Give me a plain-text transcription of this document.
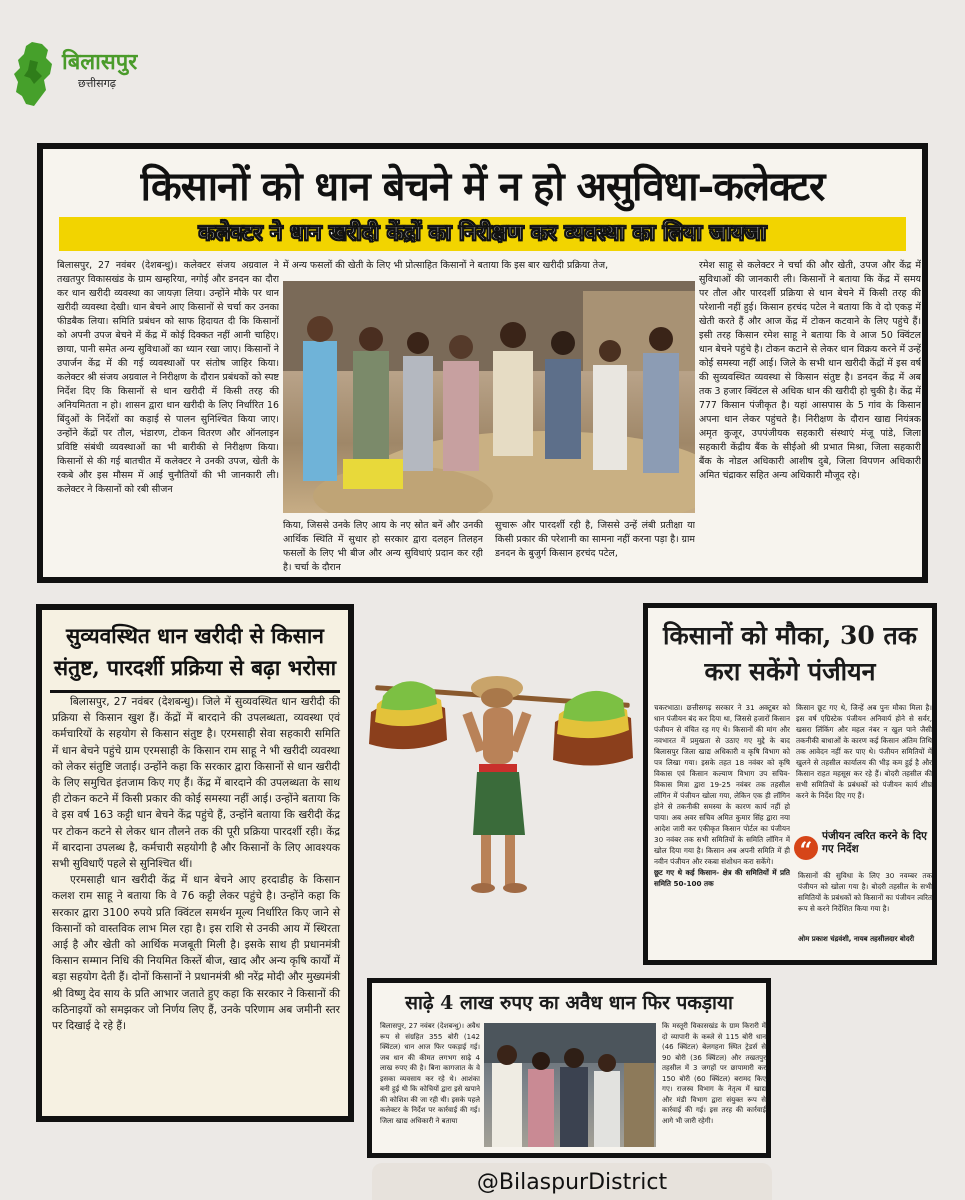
बिलासपुर
छत्तीसगढ़
किसानों को धान बेचने में न हो असुविधा-कलेक्टर
कलेक्टर ने धान खरीदी केंद्रों का निरीक्षण कर व्यवस्था का लिया जायजा
बिलासपुर, 27 नवंबर (देशबन्धु)। कलेक्टर संजय अग्रवाल ने तखतपुर विकासखंड के ग्राम खम्हरिया, नगोई और डनदन का दौरा कर धान खरीदी व्यवस्था का जायज़ा लिया। उन्होंने मौके पर धान खरीदी व्यवस्था देखी। धान बेचने आए किसानों से चर्चा कर उनका फीडबैक लिया। समिति प्रबंधन को साफ हिदायत दी कि किसानों को अपनी उपज बेचने में केंद्र में कोई दिक्कत नहीं आनी चाहिए। छाया, पानी समेत अन्य सुविधाओं का ध्यान रखा जाए। किसानों ने उपार्जन केंद्र में की गई व्यवस्थाओं पर संतोष जाहिर किया। कलेक्टर श्री संजय अग्रवाल ने निरीक्षण के दौरान प्रबंधकों को स्पष्ट निर्देश दिए कि किसानों से धान खरीदी में किसी तरह की अनियमितता न हो। शासन द्वारा धान खरीदी के लिए निर्धारित 16 बिंदुओं के निर्देशों का कड़ाई से पालन सुनिश्चित किया जाए। उन्होंने केंद्रों पर तौल, भंडारण, टोकन वितरण और ऑनलाइन प्रविष्टि संबंधी व्यवस्थाओं का भी बारीकी से निरीक्षण किया। किसानों से की गई बातचीत में कलेक्टर ने उनकी उपज, खेती के रकबे और इस मौसम में आई चुनौतियों की भी जानकारी ली। कलेक्टर ने किसानों को रबी सीजन
में अन्य फसलों की खेती के लिए भी प्रोत्साहित किसानों ने बताया कि इस बार खरीदी प्रक्रिया तेज,
किया, जिससे उनके लिए आय के नए स्रोत बनें और उनकी आर्थिक स्थिति में सुधार हो सरकार द्वारा दलहन तिलहन फसलों के लिए भी बीज और अन्य सुविधाएं प्रदान कर रही है। चर्चा के दौरान
सुचारू और पारदर्शी रही है, जिससे उन्हें लंबी प्रतीक्षा या किसी प्रकार की परेशानी का सामना नहीं करना पड़ा है। ग्राम डनदन के बुजुर्ग किसान हरचंद पटेल,
रमेश साहू से कलेक्टर ने चर्चा की और खेती, उपज और केंद्र में सुविधाओं की जानकारी ली। किसानों ने बताया कि केंद्र में समय पर तौल और पारदर्शी प्रक्रिया से धान बेचने में किसी तरह की परेशानी नहीं हुई। किसान हरचंद पटेल ने बताया कि वे दो एकड़ में खेती करते हैं और आज केंद्र में टोकन कटवाने के लिए पहुंचे हैं। इसी तरह किसान रमेश साहू ने बताया कि वे आज 50 क्विंटल धान बेचने पहुंचे है। टोकन कटाने से लेकर धान विक्रय करने में उन्हें कोई समस्या नहीं आई। जिले के सभी धान खरीदी केंद्रों में इस वर्ष की सुव्यवस्थित व्यवस्था से किसान संतुष्ट है। डनदन केंद्र में अब तक 3 हजार क्विंटल से अधिक धान की खरीदी हो चुकी है। केंद्र में 777 किसान पंजीकृत है। यहां आसपास के 5 गांव के किसान अपना धान लेकर पहुंचते है। निरीक्षण के दौरान खाद्य नियंत्रक अमृत कुजूर, उपपंजीयक सहकारी संस्थाएं मंजू पांडे, जिला सहकारी केंद्रीय बैंक के सीईओ श्री प्रभात मिश्रा, जिला सहकारी बैंक के नोडल अधिकारी आशीष दुबे, जिला विपणन अधिकारी अमित चंद्राकर सहित अन्य अधिकारी मौजूद रहे।
सुव्यवस्थित धान खरीदी से किसान संतुष्ट, पारदर्शी प्रक्रिया से बढ़ा भरोसा

बिलासपुर, 27 नवंबर (देशबन्धु)। जिले में सुव्यवस्थित धान खरीदी की प्रक्रिया से किसान खुश हैं। केंद्रों में बारदाने की उपलब्धता, व्यवस्था एवं कर्मचारियों के सहयोग से किसान संतुष्ट है। एरमसाही सेवा सहकारी समिति में धान बेचने पहुंचे ग्राम एरमसाही के किसान राम साहू ने भी खरीदी व्यवस्था को लेकर संतुष्टि जताई। उन्होंने कहा कि सरकार द्वारा किसानों से धान खरीदी के लिए समुचित इंतजाम किए गए हैं। केंद्र में बारदाने की उपलब्धता के साथ ही टोकन कटने में किसी प्रकार की कोई समस्या नहीं आई। उन्होंने बताया कि वे इस वर्ष 163 कट्टी धान बेचने केंद्र पहुंचे हैं, उन्होंने बताया कि खरीदी केंद्र पर टोकन कटने से लेकर धान तौलने तक की पूरी प्रक्रिया पारदर्शी रही। केंद्र में बारदाना उपलब्ध है, कर्मचारी सहयोगी है और किसानों के लिए आवश्यक सभी सुविधाएँ पहले से सुनिश्चित थीं।

एरमसाही धान खरीदी केंद्र में धान बेचने आए हरदाडीह के किसान कलश राम साहू ने बताया कि वे 76 कट्टी लेकर पहुंचे है। उन्होंने कहा कि सरकार द्वारा 3100 रुपये प्रति क्विंटल समर्थन मूल्य निर्धारित किए जाने से किसानों को वास्तविक लाभ मिल रहा है। इस राशि से उनकी आय में स्थिरता आई है और खेती को आर्थिक मजबूती मिली है। इसके साथ ही प्रधानमंत्री किसान सम्मान निधि की नियमित किस्तें बीज, खाद और अन्य कृषि कार्यों में बड़ा सहयोग देती हैं। दोनों किसानों ने प्रधानमंत्री श्री नरेंद्र मोदी और मुख्यमंत्री श्री विष्णु देव साय के प्रति आभार जताते हुए कहा कि सरकार ने किसानों की कठिनाइयों को समझकर जो निर्णय लिए हैं, उनके परिणाम अब जमीनी स्तर पर दिखाई दे रहे हैं।

किसानों को मौका, 30 तक करा सकेंगे पंजीयन
चकरभाठा। छत्तीसगढ़ सरकार ने 31 अक्टूबर को धान पंजीयन बंद कर दिया था, जिससे हजारों किसान पंजीयन से वंचित रह गए थे। किसानों की मांग और नवभारत में प्रमुखता से उठाए गए मुद्दे के बाद बिलासपुर जिला खाद्य अधिकारी व कृषि विभाग को पत्र लिखा गया। इसके तहत 18 नवंबर को कृषि विकास एवं किसान कल्याण विभाग उप सचिव- विकास मित्रा द्वारा 19-25 नवंबर तक तहसील लॉगिन में पंजीयन खोला गया, लेकिन एक ही लॉगिन होने से तकनीकी समस्या के कारण कार्य नहीं हो पाया। अब अवर सचिव अमित कुमार सिंह द्वारा नया आदेश जारी कर एकीकृत किसान पोर्टल का पंजीयन 30 नवंबर तक सभी समितियों के समिति लॉगिन में खोल दिया गया है। किसान अब अपनी समिति में ही नवीन पंजीयन और रकबा संशोधन करा सकेंगे।
छूट गए थे कई किसान- क्षेत्र की समितियों में प्रति समिति 50-100 तक
किसान छूट गए थे, जिन्हें अब पुनः मौका मिला है। इस वर्ष एग्रिस्टेक पंजीयन अनिवार्य होने से सर्वर, खसरा लिंकिंग और महल नंबर न खुल पाने जैसी तकनीकी बाधाओं के कारण कई किसान अंतिम तिथि तक आवेदन नहीं कर पाए थे। पंजीयन समितियों में खुलने से तहसील कार्यालय की भीड़ कम हुई है और किसान राहत महसूस कर रहे हैं। बोदरी तहसील की सभी समितियों के प्रबंधकों को पंजीयन कार्य शीघ्र करने के निर्देश दिए गए हैं।
“
पंजीयन त्वरित करने के दिए गए निर्देश
किसानों की सुविधा के लिए 30 नवम्बर तक पंजीयन को खोला गया है। बोदरी तहसील के सभी समितियों के प्रबंधकों को किसानों का पंजीयन त्वरित रूप से करने निर्देशित किया गया है।
ओम प्रकाश चंद्रवंशी, नायब तहसीलदार बोदरी
साढ़े 4 लाख रुपए का अवैध धान फिर पकड़ाया
बिलासपुर, 27 नवंबर (देशबन्धु)। अवैध रूप से संग्रहित 355 बोरी (142 क्विंटल) धान आज फिर पकड़ाई गई। जब धान की कीमत लगभग साढ़े 4 लाख रुपए की है। बिना कागजात के वे इसका व्यवसाय कर रहे थे। आशंका बनी हुई थी कि कोचियों द्वारा इसे खपाने की कोशिश की जा रही थी। इसके पहले कलेक्टर के निर्देश पर कार्रवाई की गई। जिला खाद्य अधिकारी ने बताया
कि मस्तूरी विकासखंड के ग्राम किरारी में दो व्यापारी के कब्जे से 115 बोरी धान (46 क्विंटल) बेलगहना स्थित ट्रेडर्स से 90 बोरी (36 क्विंटल) और तखतपुर तहसील में 3 जगहों पर छापामारी कर 150 बोरी (60 क्विंटल) बरामद किए गए। राजस्व विभाग के नेतृत्व में खाद्य और मंडी विभाग द्वारा संयुक्त रूप से कार्रवाई की गई। इस तरह की कार्रवाई आगे भी जारी रहेगी।
@BilaspurDistrict
